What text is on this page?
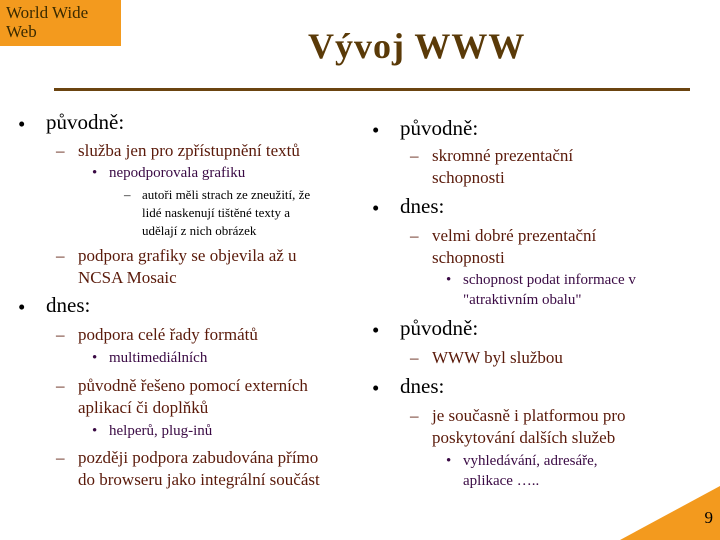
World Wide Web	Vývoj WWW
• původně:
– služba jen pro zpřístupnění textů
• nepodporovala grafiku
– autoři měli strach ze zneužití, že
lidé naskenují tištěné texty a
udělají z nich obrázek
– podpora grafiky se objevila až u
NCSA Mosaic
• dnes:
– podpora celé řady formátů
• multimediálních
– původně řešeno pomocí externích
aplikací či doplňků
• helperů, plug-inů
– později podpora zabudována přímo
do browseru jako integrální součást
• původně:
– skromné prezentační
schopnosti
• dnes:
– velmi dobré prezentační
schopnosti
• schopnost podat informace v
"atraktivním obalu"
• původně:
– WWW byl službou
• dnes:
– je současně i platformou pro
poskytování dalších služeb
• vyhledávání, adresáře,
aplikace …..
9
